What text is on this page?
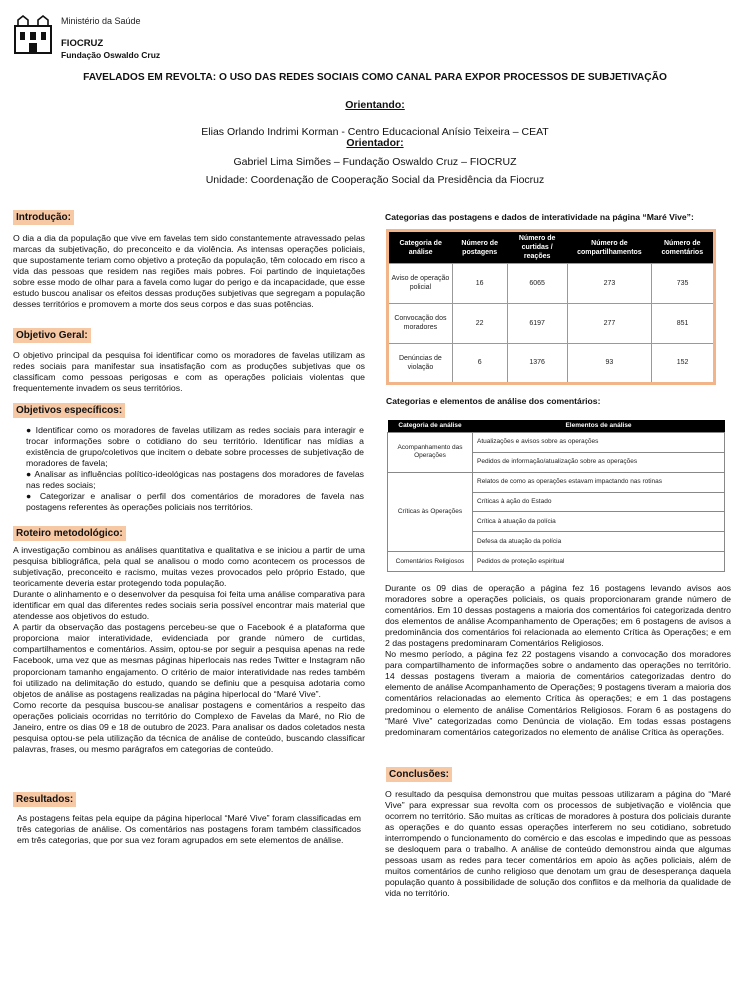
Ministério da Saúde
FIOCRUZ
Fundação Oswaldo Cruz
FAVELADOS EM REVOLTA: O USO DAS REDES SOCIAIS COMO CANAL PARA EXPOR PROCESSOS DE SUBJETIVAÇÃO
Orientando:
Elias Orlando Indrimi Korman - Centro Educacional Anísio Teixeira – CEAT
Orientador:
Gabriel Lima Simões – Fundação Oswaldo Cruz – FIOCRUZ
Unidade: Coordenação de Cooperação Social da Presidência da Fiocruz
Introdução:

O dia a dia da população que vive em favelas tem sido constantemente atravessado pelas marcas da subjetivação, do preconceito e da violência. As intensas operações policiais, que supostamente teriam como objetivo a proteção da população, têm colocado em risco a vida das pessoas que residem nas regiões mais pobres. Foi partindo de inquietações sobre esse modo de olhar para a favela como lugar do perigo e da incapacidade, que esse estudo buscou analisar os efeitos dessas produções subjetivas que segregam a população desses territórios e promovem a morte dos seus corpos e das suas potências.

Objetivo Geral:

O objetivo principal da pesquisa foi identificar como os moradores de favelas utilizam as redes sociais para manifestar sua insatisfação com as produções subjetivas que os classificam como pessoas perigosas e com as operações policiais violentas que frequentemente invadem os seus territórios.

Objetivos específicos:
● Identificar como os moradores de favelas utilizam as redes sociais para interagir e trocar informações sobre o cotidiano do seu território. Identificar nas mídias a existência de grupo/coletivos que incitem o debate sobre processes de subjetivação de moradores de favela;
● Analisar as influências político-ideológicas nas postagens dos moradores de favelas nas redes sociais;
● Categorizar e analisar o perfil dos comentários de moradores de favela nas postagens referentes às operações policiais nos territórios.
Roteiro metodológico:

A investigação combinou as análises quantitativa e qualitativa e se iniciou a partir de uma pesquisa bibliográfica, pela qual se analisou o modo como acontecem os processos de subjetivação, preconceito e racismo, muitas vezes provocados pelo próprio Estado, que teoricamente deveria estar protegendo toda população.

Durante o alinhamento e o desenvolver da pesquisa foi feita uma análise comparativa para identificar em qual das diferentes redes sociais seria possível encontrar mais material que atendesse aos objetivos do estudo.

A partir da observação das postagens percebeu-se que o Facebook é a plataforma que proporciona maior interatividade, evidenciada por grande número de curtidas, compartilhamentos e comentários. Assim, optou-se por seguir a pesquisa apenas na rede Facebook, uma vez que as mesmas páginas hiperlocais nas redes Twitter e Instagram não proporcionam tamanho engajamento. O critério de maior interatividade nas redes também foi utilizado na delimitação do estudo, quando se definiu que a pesquisa adotaria como objetos de análise as postagens realizadas na página hiperlocal do “Maré Vive”.

Como recorte da pesquisa buscou-se analisar postagens e comentários a respeito das operações policiais ocorridas no território do Complexo de Favelas da Maré, no Rio de Janeiro, entre os dias 09 e 18 de outubro de 2023. Para analisar os dados coletados nesta pesquisa optou-se pela utilização da técnica de análise de conteúdo, buscando classificar palavras, frases, ou mesmo parágrafos em categorias de conteúdo.

Resultados:

As postagens feitas pela equipe da página hiperlocal “Maré Vive” foram classificadas em três categorias de análise. Os comentários nas postagens foram também classificados em três categorias, que por sua vez foram agrupados em sete elementos de análise.

Categorias das postagens e dados de interatividade na página “Maré Vive”:
Categoria de análise	Número de postagens	Número de curtidas / reações	Número de compartilhamentos	Número de comentários
Aviso de operação policial	16	6065	273	735
Convocação dos moradores	22	6197	277	851
Denúncias de violação	6	1376	93	152
Categorias e elementos de análise dos comentários:
Categoria de análise	Elementos de análise
Acompanhamento das Operações	Atualizações e avisos sobre as operações
	Pedidos de informação/atualização sobre as operações
Críticas às Operações	Relatos de como as operações estavam impactando nas rotinas
	Críticas à ação do Estado
	Crítica à atuação da polícia
	Defesa da atuação da polícia
Comentários Religiosos	Pedidos de proteção espiritual

Durante os 09 dias de operação a página fez 16 postagens levando avisos aos moradores sobre a operações policiais, os quais proporcionaram grande número de comentários. Em 10 dessas postagens a maioria dos comentários foi categorizada dentro dos elementos de análise Acompanhamento de Operações; em 6 postagens de avisos a predominância dos comentários foi relacionada ao elemento Crítica às Operações; e em 2 das postagens predominaram Comentários Religiosos.

No mesmo período, a página fez 22 postagens visando a convocação dos moradores para compartilhamento de informações sobre o andamento das operações no território. 14 dessas postagens tiveram a maioria de comentários categorizadas dentro do elemento de análise Acompanhamento de Operações; 9 postagens tiveram a maioria dos comentários relacionadas ao elemento Crítica às operações; e em 1 das postagens predominou o elemento de análise Comentários Religiosos. Foram 6 as postagens do “Maré Vive” categorizadas como Denúncia de violação. Em todas essas postagens predominaram comentários categorizados no elemento de análise Crítica às operações.

Conclusões:

O resultado da pesquisa demonstrou que muitas pessoas utilizaram a página do “Maré Vive” para expressar sua revolta com os processos de subjetivação e violência que ocorrem no território. São muitas as críticas de moradores à postura dos policiais durante as operações e do quanto essas operações interferem no seu cotidiano, sobretudo interrompendo o funcionamento do comércio e das escolas e impedindo que as pessoas se desloquem para o trabalho. A análise de conteúdo demonstrou ainda que algumas pessoas usam as redes para tecer comentários em apoio às ações policiais, além de muitos comentários de cunho religioso que denotam um grau de desesperança daquela população quanto à possibilidade de solução dos conflitos e da melhoria da qualidade de vida no território.
